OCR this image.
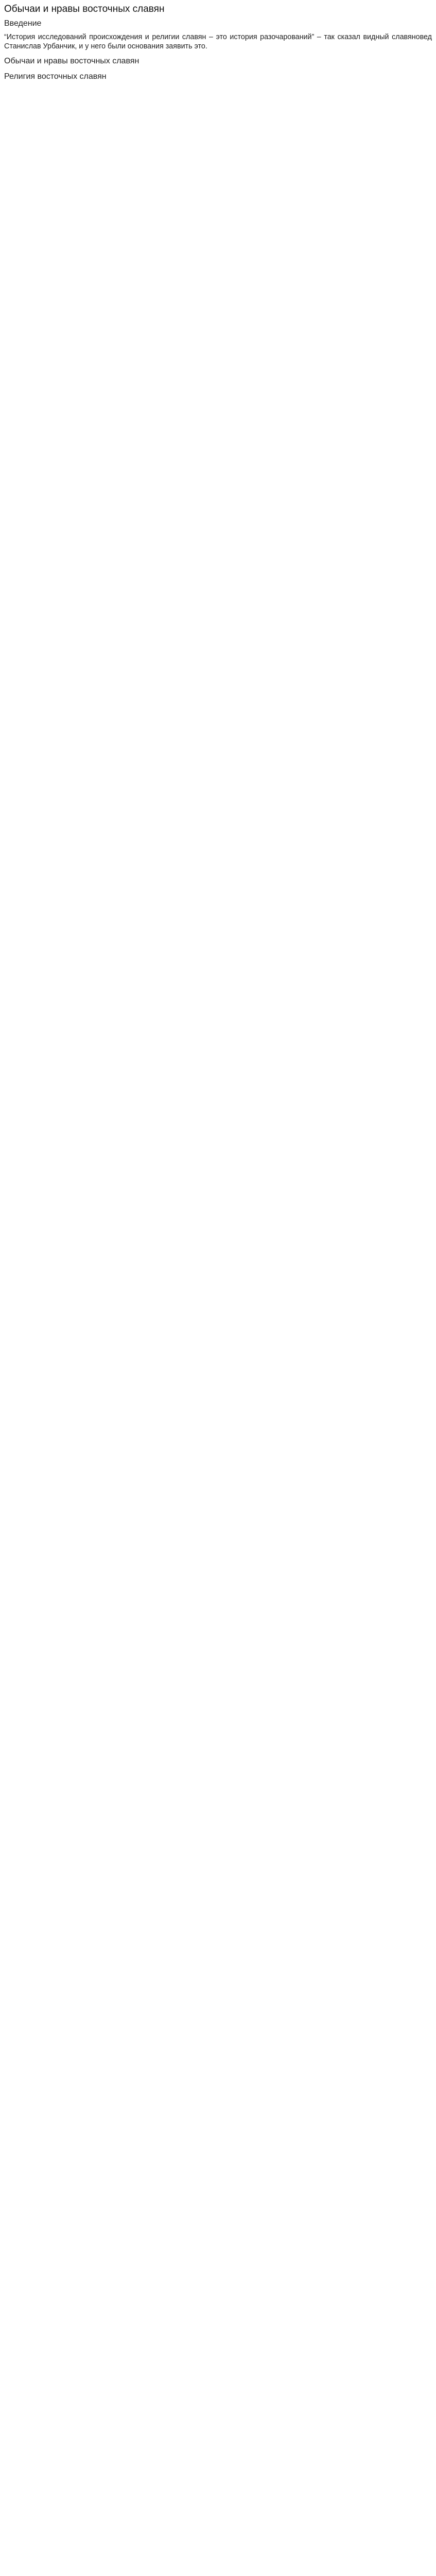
Обычаи и нравы восточных славян
Введение

“История исследований происхождения и религии славян – это история разочарований” – так сказал видный славяновед Станислав Урбанчик, и у него были основания заявить это.

Обычаи и нравы восточных славян

Религия восточных славян
